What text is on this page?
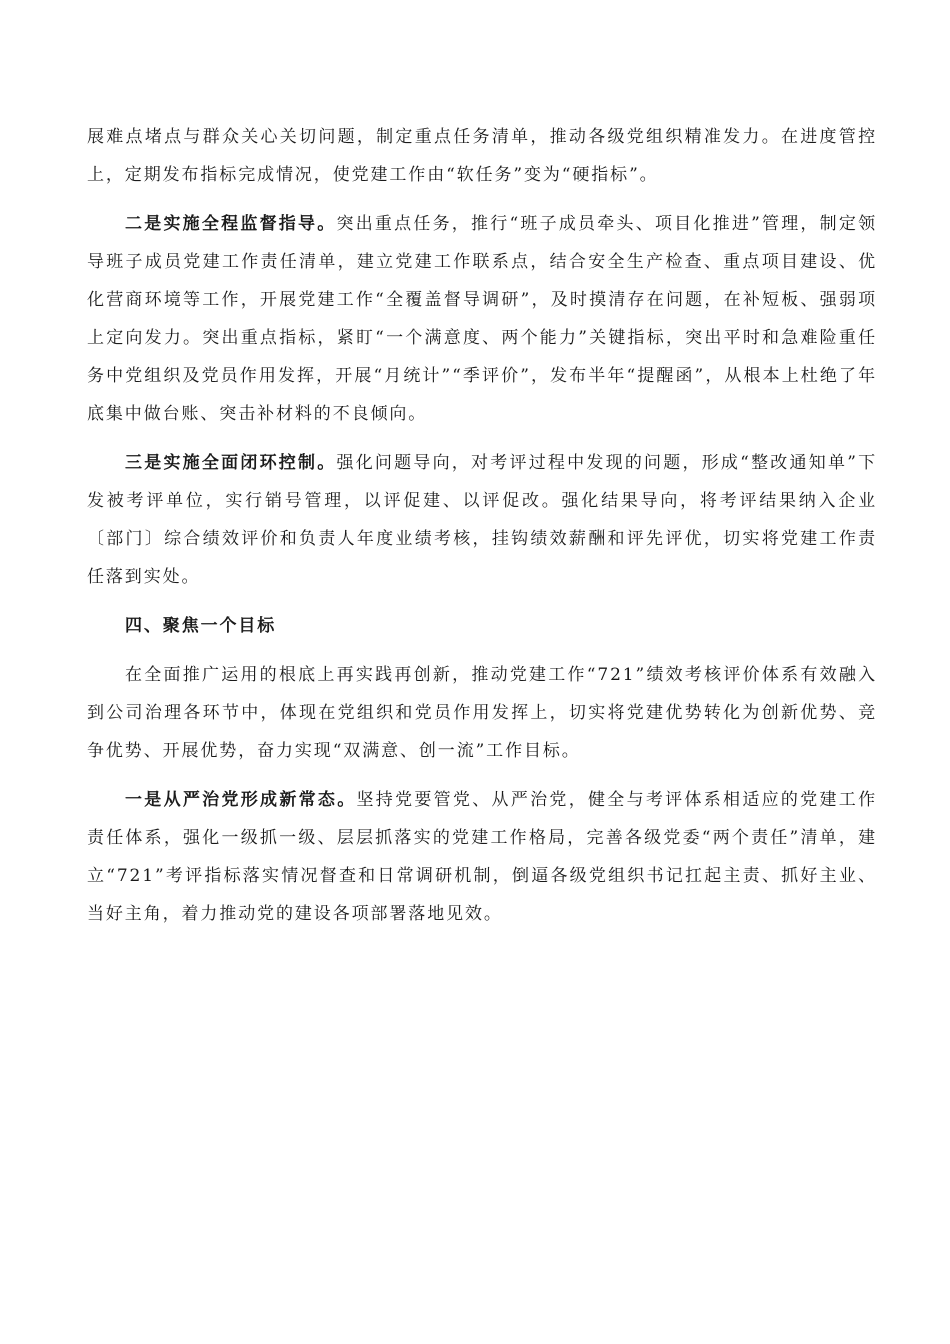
展难点堵点与群众关心关切问题，制定重点任务清单，推动各级党组织精准发力。在进度管控上，定期发布指标完成情况，使党建工作由“软任务”变为“硬指标”。

二是实施全程监督指导。突出重点任务，推行“班子成员牵头、项目化推进”管理，制定领导班子成员党建工作责任清单，建立党建工作联系点，结合安全生产检查、重点项目建设、优化营商环境等工作，开展党建工作“全覆盖督导调研”，及时摸清存在问题，在补短板、强弱项上定向发力。突出重点指标，紧盯“一个满意度、两个能力”关键指标，突出平时和急难险重任务中党组织及党员作用发挥，开展“月统计”“季评价”，发布半年“提醒函”，从根本上杜绝了年底集中做台账、突击补材料的不良倾向。

三是实施全面闭环控制。强化问题导向，对考评过程中发现的问题，形成“整改通知单”下发被考评单位，实行销号管理，以评促建、以评促改。强化结果导向，将考评结果纳入企业〔部门〕综合绩效评价和负责人年度业绩考核，挂钩绩效薪酬和评先评优，切实将党建工作责任落到实处。

四、聚焦一个目标

在全面推广运用的根底上再实践再创新，推动党建工作“721”绩效考核评价体系有效融入到公司治理各环节中，体现在党组织和党员作用发挥上，切实将党建优势转化为创新优势、竞争优势、开展优势，奋力实现“双满意、创一流”工作目标。

一是从严治党形成新常态。坚持党要管党、从严治党，健全与考评体系相适应的党建工作责任体系，强化一级抓一级、层层抓落实的党建工作格局，完善各级党委“两个责任”清单，建立“721”考评指标落实情况督查和日常调研机制，倒逼各级党组织书记扛起主责、抓好主业、当好主角，着力推动党的建设各项部署落地见效。
